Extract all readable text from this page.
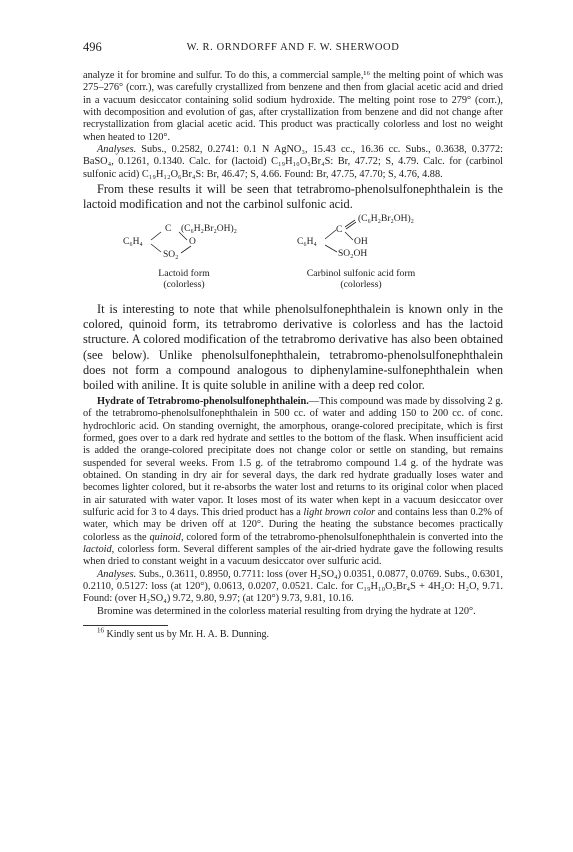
496	W. R. ORNDORFF AND F. W. SHERWOOD

analyze it for bromine and sulfur. To do this, a commercial sample,¹⁶ the melting point of which was 275–276° (corr.), was carefully crystallized from benzene and then from glacial acetic acid and dried in a vacuum desiccator containing solid sodium hydroxide. The melting point rose to 279° (corr.), with decomposition and evolution of gas, after crystallization from benzene and did not change after recrystallization from glacial acetic acid. This product was practically colorless and lost no weight when heated to 120°.

Analyses. Subs., 0.2582, 0.2741: 0.1 N AgNO₃, 15.43 cc., 16.36 cc. Subs., 0.3638, 0.3772: BaSO₄, 0.1261, 0.1340. Calc. for (lactoid) C₁₉H₁₀O₅Br₄S: Br, 47.72; S, 4.79. Calc. for (carbinol sulfonic acid) C₁₉H₁₂O₆Br₄S: Br, 46.47; S, 4.66. Found: Br, 47.75, 47.70; S, 4.76, 4.88.

From these results it will be seen that tetrabromo-phenolsulfonephthalein is the lactoid modification and not the carbinol sulfonic acid.

C₆H₄
C (C₆H₂Br₂OH)₂
O
SO₂
Lactoid form
(colorless)
C₆H₄
C
(C₆H₂Br₂OH)₂
OH
SO₂OH
Carbinol sulfonic acid form
(colorless)

It is interesting to note that while phenolsulfonephthalein is known only in the colored, quinoid form, its tetrabromo derivative is colorless and has the lactoid structure. A colored modification of the tetrabromo derivative has also been obtained (see below). Unlike phenolsulfonephthalein, tetrabromo-phenolsulfonephthalein does not form a compound analogous to diphenylamine-sulfonephthalein when boiled with aniline. It is quite soluble in aniline with a deep red color.

Hydrate of Tetrabromo-phenolsulfonephthalein.—This compound was made by dissolving 2 g. of the tetrabromo-phenolsulfonephthalein in 500 cc. of water and adding 150 to 200 cc. of conc. hydrochloric acid. On standing overnight, the amorphous, orange-colored precipitate, which is first formed, goes over to a dark red hydrate and settles to the bottom of the flask. When insufficient acid is added the orange-colored precipitate does not change color or settle on standing, but remains suspended for several weeks. From 1.5 g. of the tetrabromo compound 1.4 g. of the hydrate was obtained. On standing in dry air for several days, the dark red hydrate gradually loses water and becomes lighter colored, but it re-absorbs the water lost and returns to its original color when placed in air saturated with water vapor. It loses most of its water when kept in a vacuum desiccator over sulfuric acid for 3 to 4 days. This dried product has a light brown color and contains less than 0.2% of water, which may be driven off at 120°. During the heating the substance becomes practically colorless as the quinoid, colored form of the tetrabromo-phenolsulfonephthalein is converted into the lactoid, colorless form. Several different samples of the air-dried hydrate gave the following results when dried to constant weight in a vacuum desiccator over sulfuric acid.

Analyses. Subs., 0.3611, 0.8950, 0.7711: loss (over H₂SO₄) 0.0351, 0.0877, 0.0769. Subs., 0.6301, 0.2110, 0.5127: loss (at 120°), 0.0613, 0.0207, 0.0521. Calc. for C₁₉H₁₀O₅Br₄S + 4H₂O: H₂O, 9.71. Found: (over H₂SO₄) 9.72, 9.80, 9.97; (at 120°) 9.73, 9.81, 10.16.

Bromine was determined in the colorless material resulting from drying the hydrate at 120°.

$^{16}$ Kindly sent us by Mr. H. A. B. Dunning.
